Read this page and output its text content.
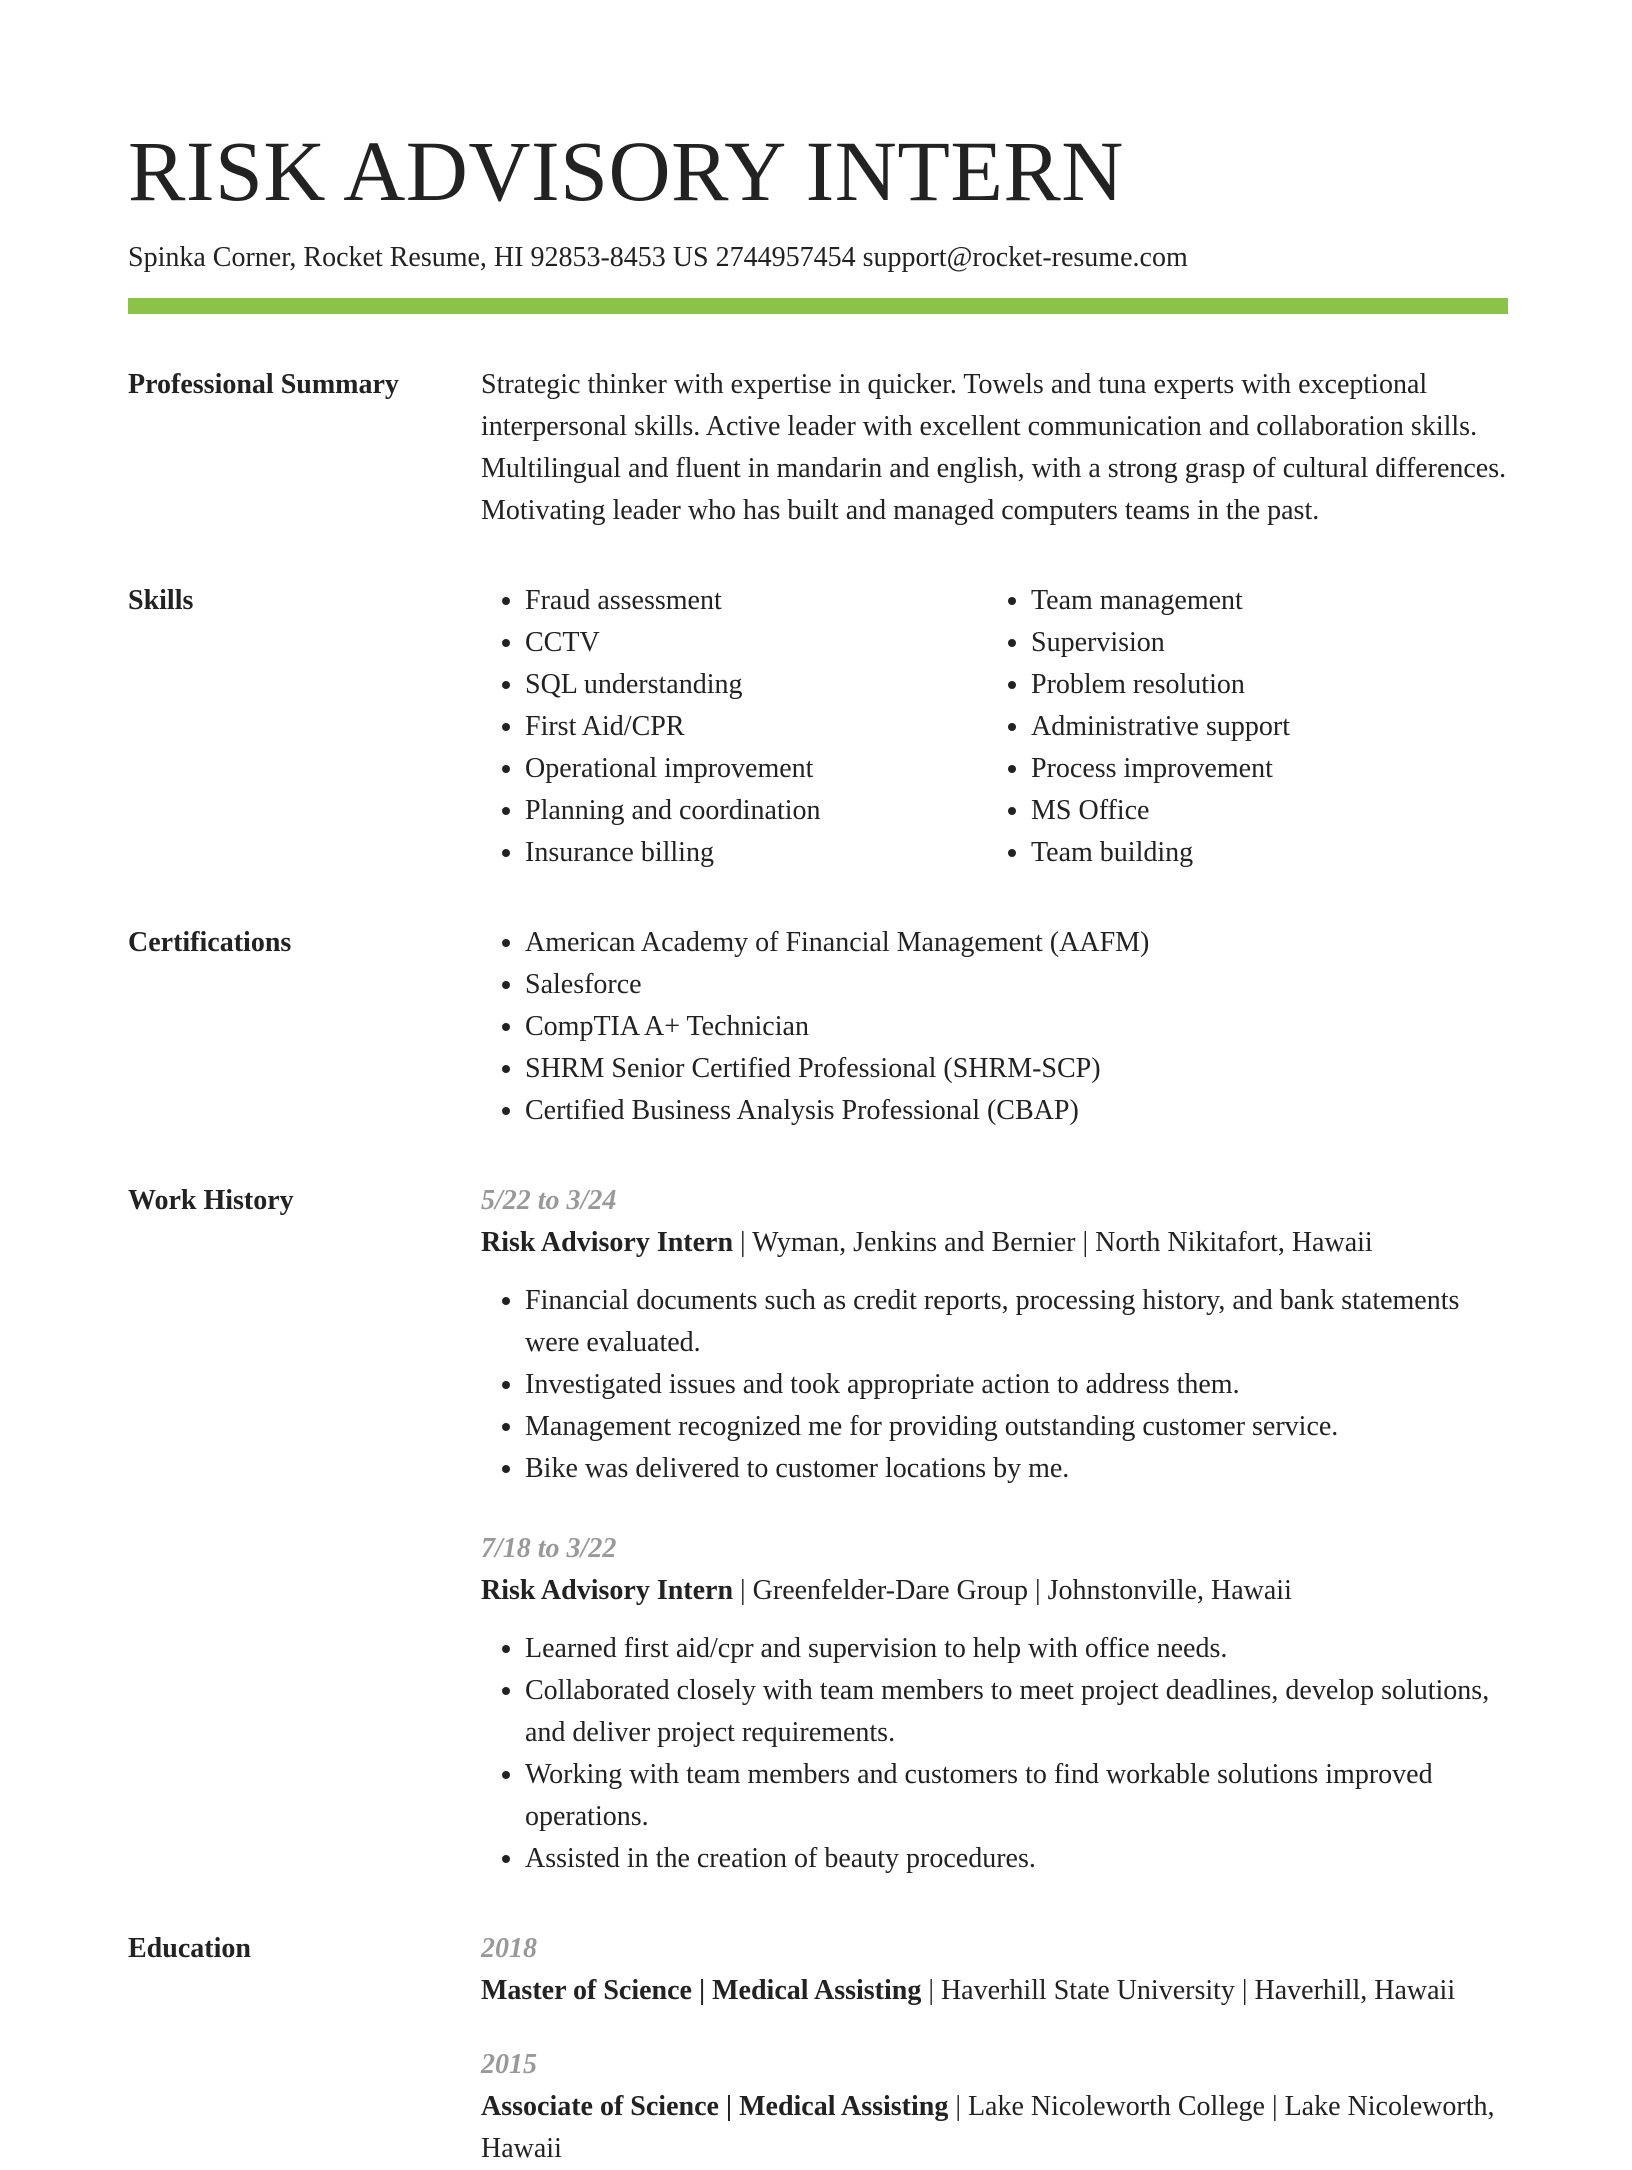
RISK ADVISORY INTERN
Spinka Corner, Rocket Resume, HI 92853-8453 US 2744957454 support@rocket-resume.com
Professional Summary	Strategic thinker with expertise in quicker. Towels and tuna experts with exceptional interpersonal skills. Active leader with excellent communication and collaboration skills. Multilingual and fluent in mandarin and english, with a strong grasp of cultural differences. Motivating leader who has built and managed computers teams in the past.

Skills	• Fraud assessment
• CCTV
• SQL understanding
• First Aid/CPR
• Operational improvement
• Planning and coordination
• Insurance billing
• Team management
• Supervision
• Problem resolution
• Administrative support
• Process improvement
• MS Office
• Team building
Certifications	• American Academy of Financial Management (AAFM)
• Salesforce
• CompTIA A+ Technician
• SHRM Senior Certified Professional (SHRM-SCP)
• Certified Business Analysis Professional (CBAP)
Work History	5/22 to 3/24
Risk Advisory Intern | Wyman, Jenkins and Bernier | North Nikitafort, Hawaii
• Financial documents such as credit reports, processing history, and bank statements were evaluated.
• Investigated issues and took appropriate action to address them.
• Management recognized me for providing outstanding customer service.
• Bike was delivered to customer locations by me.
7/18 to 3/22
Risk Advisory Intern | Greenfelder-Dare Group | Johnstonville, Hawaii
• Learned first aid/cpr and supervision to help with office needs.
• Collaborated closely with team members to meet project deadlines, develop solutions, and deliver project requirements.
• Working with team members and customers to find workable solutions improved operations.
• Assisted in the creation of beauty procedures.
Education	2018
Master of Science | Medical Assisting | Haverhill State University | Haverhill, Hawaii
2015
Associate of Science | Medical Assisting | Lake Nicoleworth College | Lake Nicoleworth, Hawaii
